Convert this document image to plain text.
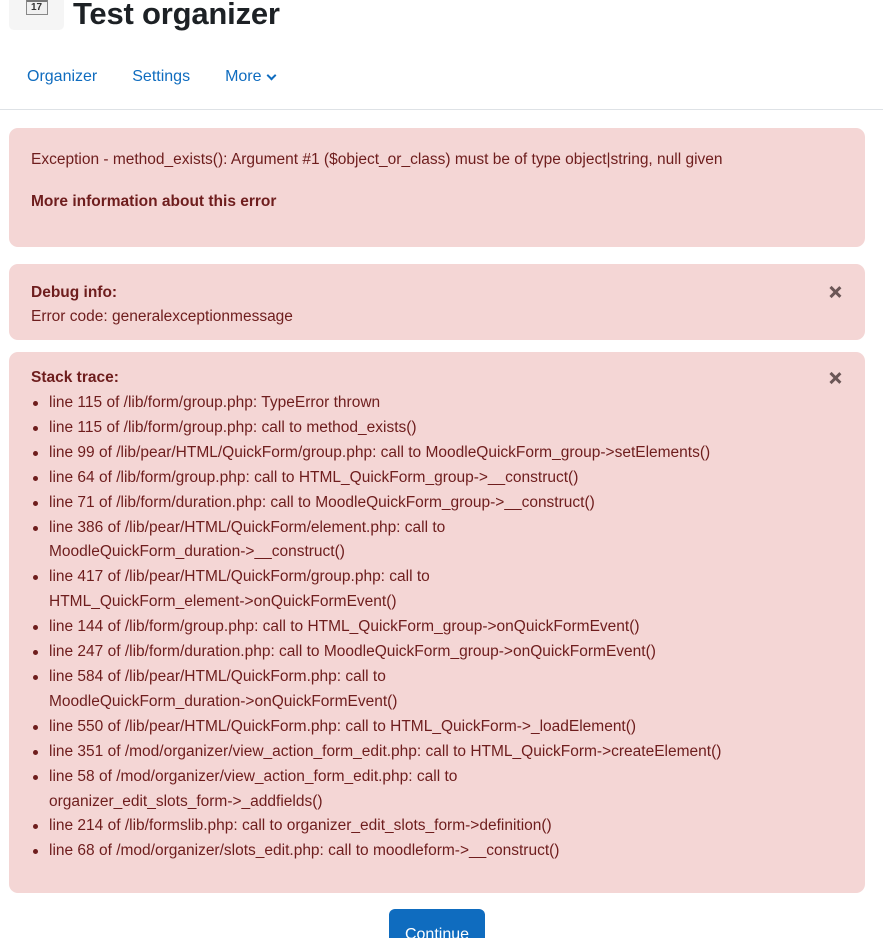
17 Test organizer
Organizer Settings More

Exception - method_exists(): Argument #1 ($object_or_class) must be of type object|string, null given

More information about this error

Debug info:
Error code: generalexceptionmessage
Stack trace:
line 115 of /lib/form/group.php: TypeError thrown
line 115 of /lib/form/group.php: call to method_exists()
line 99 of /lib/pear/HTML/QuickForm/group.php: call to MoodleQuickForm_group->setElements()
line 64 of /lib/form/group.php: call to HTML_QuickForm_group->__construct()
line 71 of /lib/form/duration.php: call to MoodleQuickForm_group->__construct()
line 386 of /lib/pear/HTML/QuickForm/element.php: call to MoodleQuickForm_duration->__construct()
line 417 of /lib/pear/HTML/QuickForm/group.php: call to HTML_QuickForm_element->onQuickFormEvent()
line 144 of /lib/form/group.php: call to HTML_QuickForm_group->onQuickFormEvent()
line 247 of /lib/form/duration.php: call to MoodleQuickForm_group->onQuickFormEvent()
line 584 of /lib/pear/HTML/QuickForm.php: call to MoodleQuickForm_duration->onQuickFormEvent()
line 550 of /lib/pear/HTML/QuickForm.php: call to HTML_QuickForm->_loadElement()
line 351 of /mod/organizer/view_action_form_edit.php: call to HTML_QuickForm->createElement()
line 58 of /mod/organizer/view_action_form_edit.php: call to organizer_edit_slots_form->_addfields()
line 214 of /lib/formslib.php: call to organizer_edit_slots_form->definition()
line 68 of /mod/organizer/slots_edit.php: call to moodleform->__construct()
Continue
